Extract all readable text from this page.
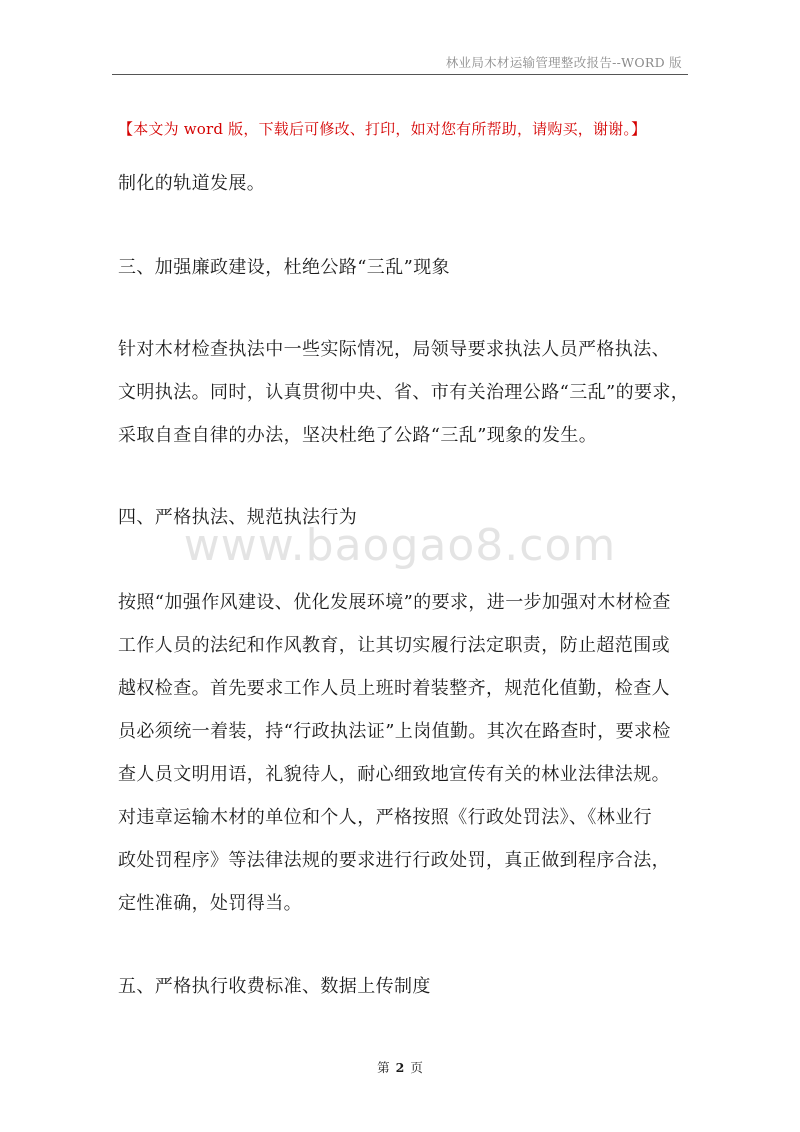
林业局木材运输管理整改报告--WORD 版
【本文为 word 版，下载后可修改、打印，如对您有所帮助，请购买，谢谢。】
www.baogao8.com
制化的轨道发展。
三、加强廉政建设，杜绝公路“三乱”现象
针对木材检查执法中一些实际情况，局领导要求执法人员严格执法、
文明执法。同时，认真贯彻中央、省、市有关治理公路“三乱”的要求，
采取自查自律的办法，坚决杜绝了公路“三乱”现象的发生。
四、严格执法、规范执法行为
按照“加强作风建设、优化发展环境”的要求，进一步加强对木材检查
工作人员的法纪和作风教育，让其切实履行法定职责，防止超范围或
越权检查。首先要求工作人员上班时着装整齐，规范化值勤，检查人
员必须统一着装，持“行政执法证”上岗值勤。其次在路查时，要求检
查人员文明用语，礼貌待人，耐心细致地宣传有关的林业法律法规。
对违章运输木材的单位和个人，严格按照《行政处罚法》、《林业行
政处罚程序》等法律法规的要求进行行政处罚，真正做到程序合法，
定性准确，处罚得当。
五、严格执行收费标准、数据上传制度
第 2 页
